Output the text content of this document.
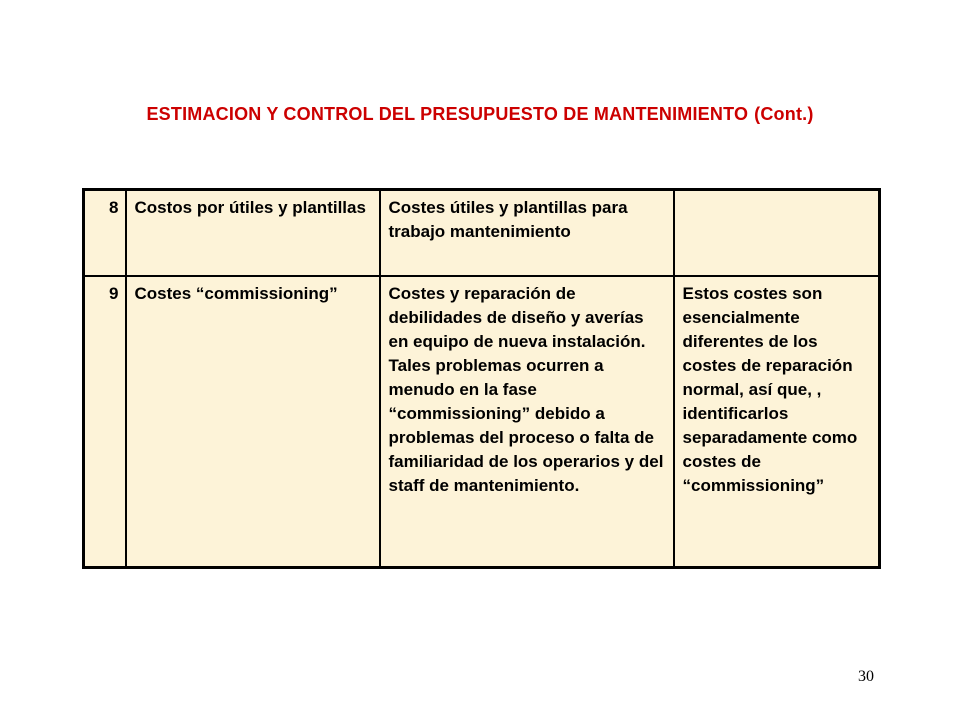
ESTIMACION Y CONTROL DEL PRESUPUESTO DE MANTENIMIENTO (Cont.)
8	Costos por útiles y plantillas	Costes útiles y plantillas para trabajo mantenimiento	
9	Costes “commissioning”	Costes y reparación de debilidades de diseño y averías en equipo de nueva instalación. Tales problemas ocurren a menudo en la fase “commissioning” debido a problemas del proceso o falta de familiaridad de los operarios y del staff de mantenimiento.	Estos costes son esencialmente diferentes de los costes de reparación normal, así que, , identificarlos separadamente como costes de “commissioning”
30
